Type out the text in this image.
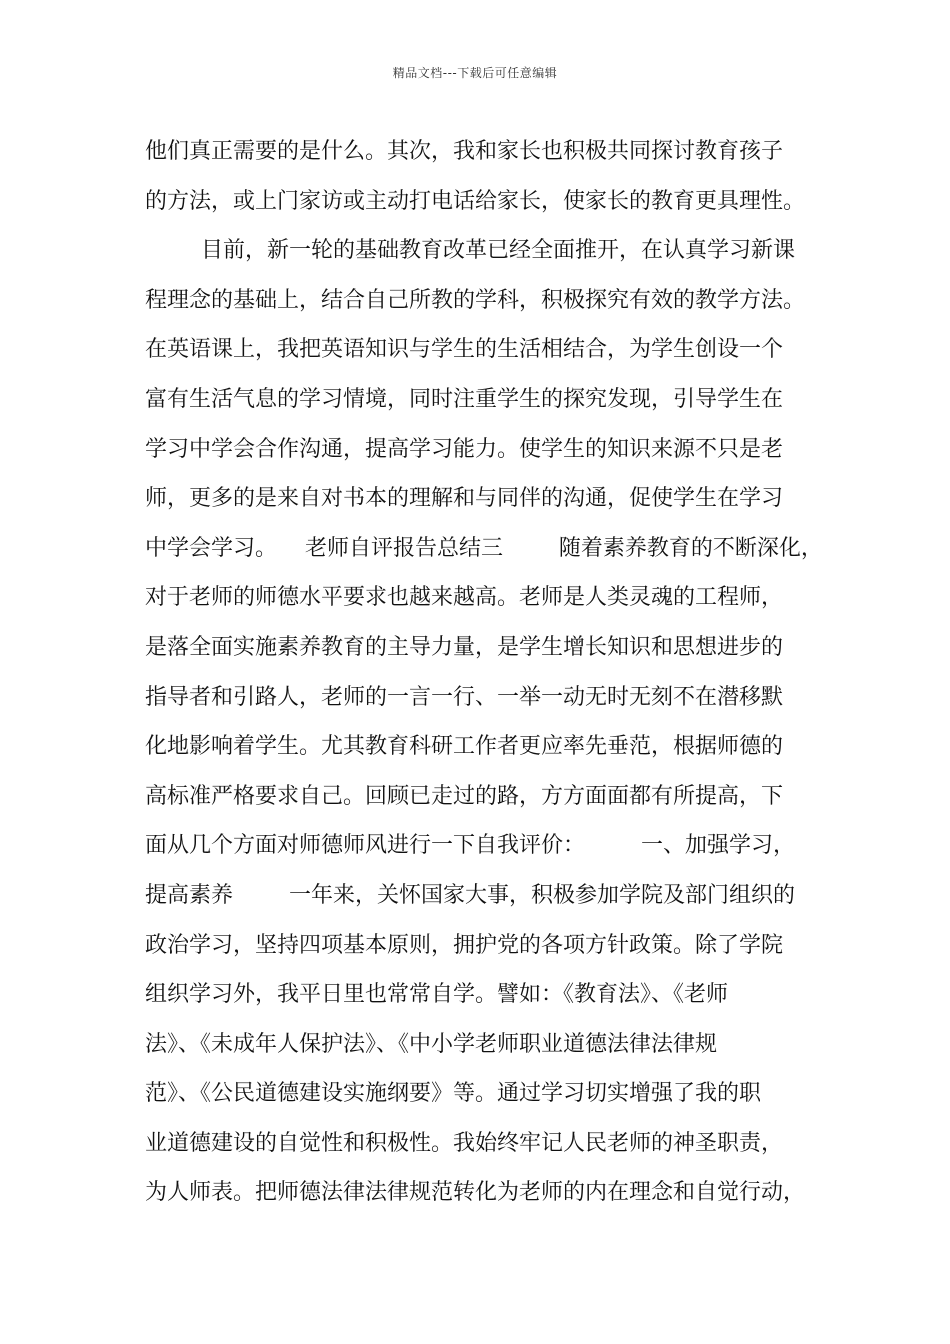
精品文档---下载后可任意编辑
他们真正需要的是什么。其次，我和家长也积极共同探讨教育孩子
的方法，或上门家访或主动打电话给家长，使家长的教育更具理性。
目前，新一轮的基础教育改革已经全面推开，在认真学习新课
程理念的基础上，结合自己所教的学科，积极探究有效的教学方法。
在英语课上，我把英语知识与学生的生活相结合，为学生创设一个
富有生活气息的学习情境，同时注重学生的探究发现，引导学生在
学习中学会合作沟通，提高学习能力。使学生的知识来源不只是老
师，更多的是来自对书本的理解和与同伴的沟通，促使学生在学习
中学会学习。    老师自评报告总结三        随着素养教育的不断深化，
对于老师的师德水平要求也越来越高。老师是人类灵魂的工程师，
是落全面实施素养教育的主导力量，是学生增长知识和思想进步的
指导者和引路人，老师的一言一行、一举一动无时无刻不在潜移默
化地影响着学生。尤其教育科研工作者更应率先垂范，根据师德的
高标准严格要求自己。回顾已走过的路，方方面面都有所提高，下
面从几个方面对师德师风进行一下自我评价：        一、加强学习，
提高素养        一年来，关怀国家大事，积极参加学院及部门组织的
政治学习，坚持四项基本原则，拥护党的各项方针政策。除了学院
组织学习外，我平日里也常常自学。譬如：《教育法》、《老师
法》、《未成年人保护法》、《中小学老师职业道德法律法律规
范》、《公民道德建设实施纲要》等。通过学习切实增强了我的职
业道德建设的自觉性和积极性。我始终牢记人民老师的神圣职责，
为人师表。把师德法律法律规范转化为老师的内在理念和自觉行动，
